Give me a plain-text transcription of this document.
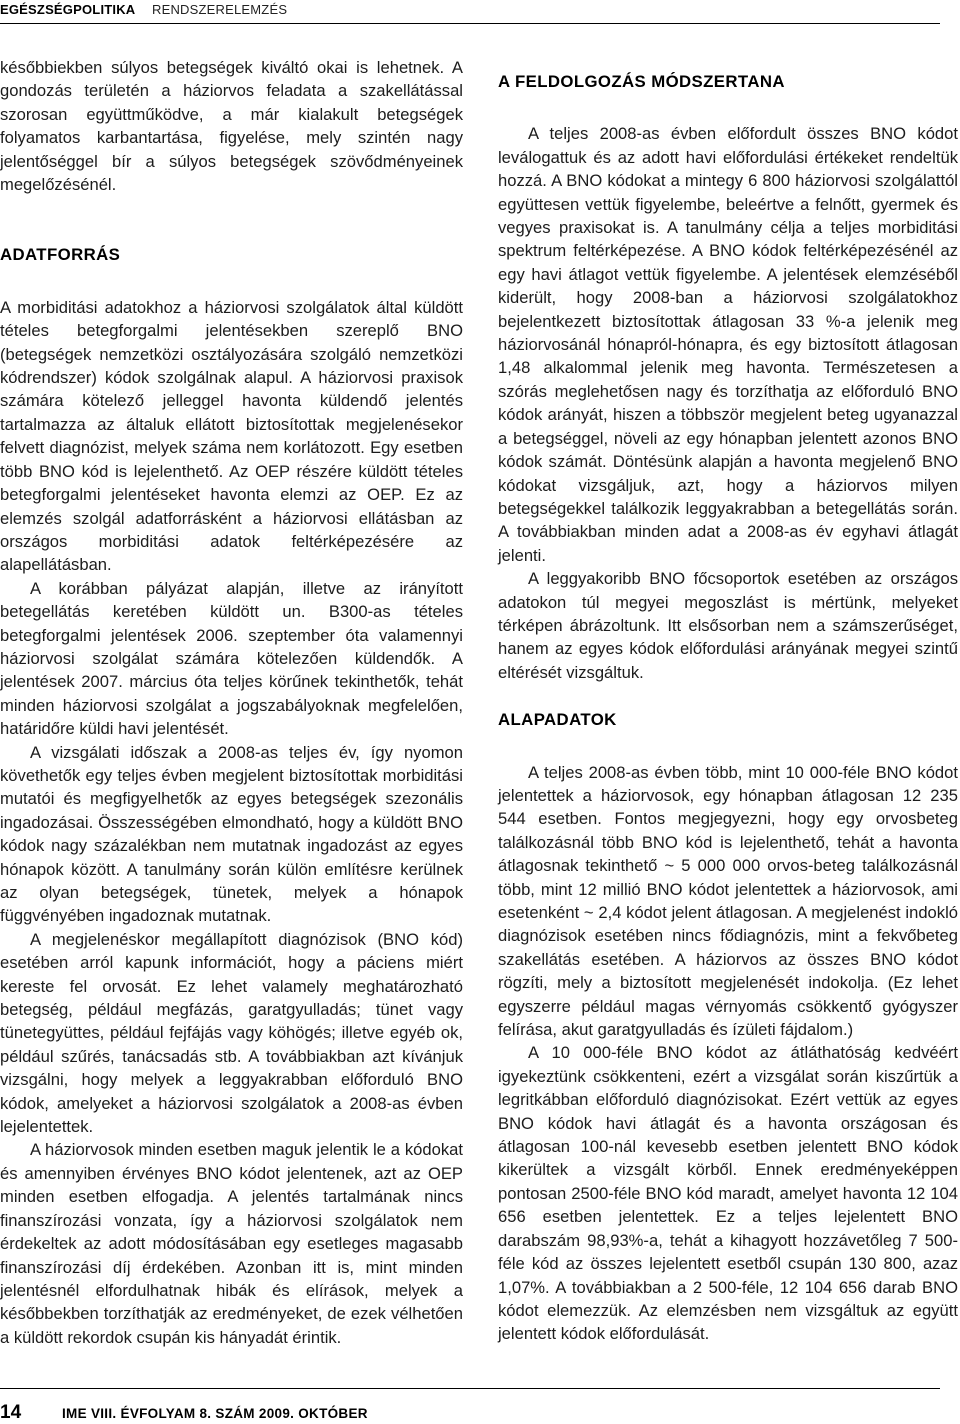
EGÉSZSÉGPOLITIKA RENDSZERELEMZÉS

későbbiekben súlyos betegségek kiváltó okai is lehetnek. A gondozás területén a háziorvos feladata a szakellátással szorosan együttműködve, a már kialakult betegségek folyamatos karbantartása, figyelése, mely szintén nagy jelentőséggel bír a súlyos betegségek szövődményeinek megelőzésénél.

ADATFORRÁS

A morbiditási adatokhoz a háziorvosi szolgálatok által küldött tételes betegforgalmi jelentésekben szereplő BNO (betegségek nemzetközi osztályozására szolgáló nemzetközi kódrendszer) kódok szolgálnak alapul. A háziorvosi praxisok számára kötelező jelleggel havonta küldendő jelentés tartalmazza az általuk ellátott biztosítottak megjelenésekor felvett diagnózist, melyek száma nem korlátozott. Egy esetben több BNO kód is lejelenthető. Az OEP részére küldött tételes betegforgalmi jelentéseket havonta elemzi az OEP. Ez az elemzés szolgál adatforrásként a háziorvosi ellátásban az országos morbiditási adatok feltérképezésére az alapellátásban.

A korábban pályázat alapján, illetve az irányított betegellátás keretében küldött un. B300-as tételes betegforgalmi jelentések 2006. szeptember óta valamennyi háziorvosi szolgálat számára kötelezően küldendők. A jelentések 2007. március óta teljes körűnek tekinthetők, tehát minden háziorvosi szolgálat a jogszabályoknak megfelelően, határidőre küldi havi jelentését.

A vizsgálati időszak a 2008-as teljes év, így nyomon követhetők egy teljes évben megjelent biztosítottak morbiditási mutatói és megfigyelhetők az egyes betegségek szezonális ingadozásai. Összességében elmondható, hogy a küldött BNO kódok nagy százalékban nem mutatnak ingadozást az egyes hónapok között. A tanulmány során külön említésre kerülnek az olyan betegségek, tünetek, melyek a hónapok függvényében ingadoznak mutatnak.

A megjelenéskor megállapított diagnózisok (BNO kód) esetében arról kapunk információt, hogy a páciens miért kereste fel orvosát. Ez lehet valamely meghatározható betegség, például megfázás, garatgyulladás; tünet vagy tünetegyüttes, például fejfájás vagy köhögés; illetve egyéb ok, például szűrés, tanácsadás stb. A továbbiakban azt kívánjuk vizsgálni, hogy melyek a leggyakrabban előforduló BNO kódok, amelyeket a háziorvosi szolgálatok a 2008-as évben lejelentettek.

A háziorvosok minden esetben maguk jelentik le a kódokat és amennyiben érvényes BNO kódot jelentenek, azt az OEP minden esetben elfogadja. A jelentés tartalmának nincs finanszírozási vonzata, így a háziorvosi szolgálatok nem érdekeltek az adott módosításában egy esetleges magasabb finanszírozási díj érdekében. Azonban itt is, mint minden jelentésnél elfordulhatnak hibák és elírások, melyek a későbbekben torzíthatják az eredményeket, de ezek vélhetően a küldött rekordok csupán kis hányadát érintik.

A FELDOLGOZÁS MÓDSZERTANA

A teljes 2008-as évben előfordult összes BNO kódot leválogattuk és az adott havi előfordulási értékeket rendeltük hozzá. A BNO kódokat a mintegy 6 800 háziorvosi szolgálattól együttesen vettük figyelembe, beleértve a felnőtt, gyermek és vegyes praxisokat is. A tanulmány célja a teljes morbiditási spektrum feltérképezése. A BNO kódok feltérképezésénél az egy havi átlagot vettük figyelembe. A jelentések elemzéséből kiderült, hogy 2008-ban a háziorvosi szolgálatokhoz bejelentkezett biztosítottak átlagosan 33 %-a jelenik meg háziorvosánál hónapról-hónapra, és egy biztosított átlagosan 1,48 alkalommal jelenik meg havonta. Természetesen a szórás meglehetősen nagy és torzíthatja az előforduló BNO kódok arányát, hiszen a többször megjelent beteg ugyanazzal a betegséggel, növeli az egy hónapban jelentett azonos BNO kódok számát. Döntésünk alapján a havonta megjelenő BNO kódokat vizsgáljuk, azt, hogy a háziorvos milyen betegségekkel találkozik leggyakrabban a betegellátás során. A továbbiakban minden adat a 2008-as év egyhavi átlagát jelenti.

A leggyakoribb BNO főcsoportok esetében az országos adatokon túl megyei megoszlást is mértünk, melyeket térképen ábrázoltunk. Itt elsősorban nem a számszerűséget, hanem az egyes kódok előfordulási arányának megyei szintű eltérését vizsgáltuk.

ALAPADATOK

A teljes 2008-as évben több, mint 10 000-féle BNO kódot jelentettek a háziorvosok, egy hónapban átlagosan 12 235 544 esetben. Fontos megjegyezni, hogy egy orvosbeteg találkozásnál több BNO kód is lejelenthető, tehát a havonta átlagosnak tekinthető ~ 5 000 000 orvos-beteg találkozásnál több, mint 12 millió BNO kódot jelentettek a háziorvosok, ami esetenként ~ 2,4 kódot jelent átlagosan. A megjelenést indokló diagnózisok esetében nincs fődiagnózis, mint a fekvőbeteg szakellátás esetében. A háziorvos az összes BNO kódot rögzíti, mely a biztosított megjelenését indokolja. (Ez lehet egyszerre például magas vérnyomás csökkentő gyógyszer felírása, akut garatgyulladás és ízületi fájdalom.)

A 10 000-féle BNO kódot az átláthatóság kedvéért igyekeztünk csökkenteni, ezért a vizsgálat során kiszűrtük a legritkábban előforduló diagnózisokat. Ezért vettük az egyes BNO kódok havi átlagát és a havonta országosan és átlagosan 100-nál kevesebb esetben jelentett BNO kódok kikerültek a vizsgált körből. Ennek eredményeképpen pontosan 2500-féle BNO kód maradt, amelyet havonta 12 104 656 esetben jelentettek. Ez a teljes lejelentett BNO darabszám 98,93%-a, tehát a kihagyott hozzávetőleg 7 500-féle kód az összes lejelentett esetből csupán 130 800, azaz 1,07%. A továbbiakban a 2 500-féle, 12 104 656 darab BNO kódot elemezzük. Az elemzésben nem vizsgáltuk az együtt jelentett kódok előfordulását.

14	IME VIII. ÉVFOLYAM 8. SZÁM 2009. OKTÓBER
